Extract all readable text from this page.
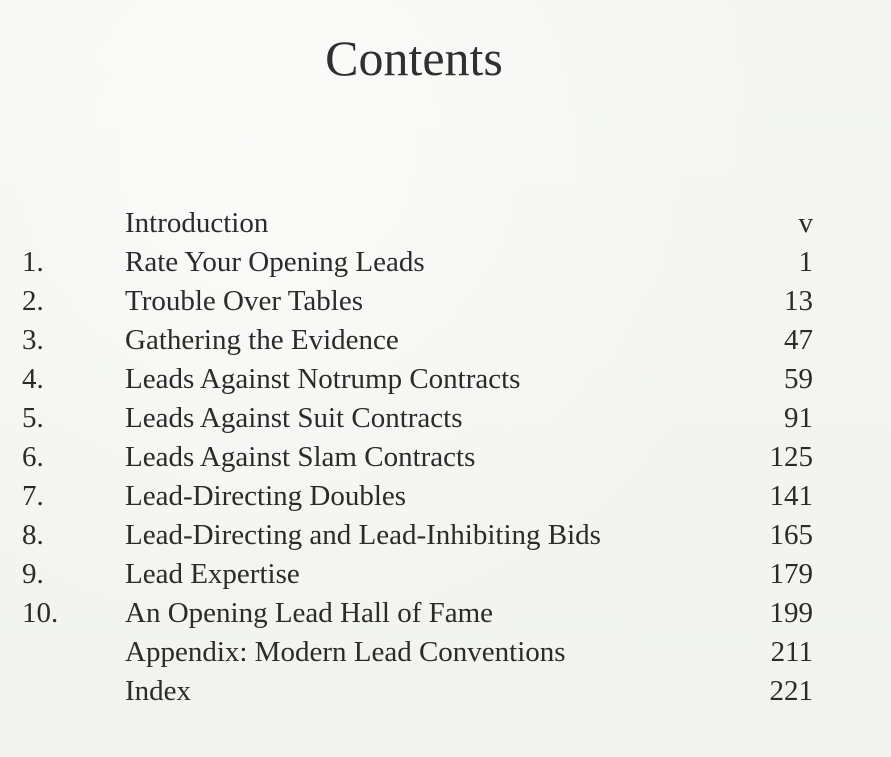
Contents
Introduction	v
1.	Rate Your Opening Leads	1
2.	Trouble Over Tables	13
3.	Gathering the Evidence	47
4.	Leads Against Notrump Contracts	59
5.	Leads Against Suit Contracts	91
6.	Leads Against Slam Contracts	125
7.	Lead-Directing Doubles	141
8.	Lead-Directing and Lead-Inhibiting Bids	165
9.	Lead Expertise	179
10.	An Opening Lead Hall of Fame	199
Appendix: Modern Lead Conventions	211
Index	221
